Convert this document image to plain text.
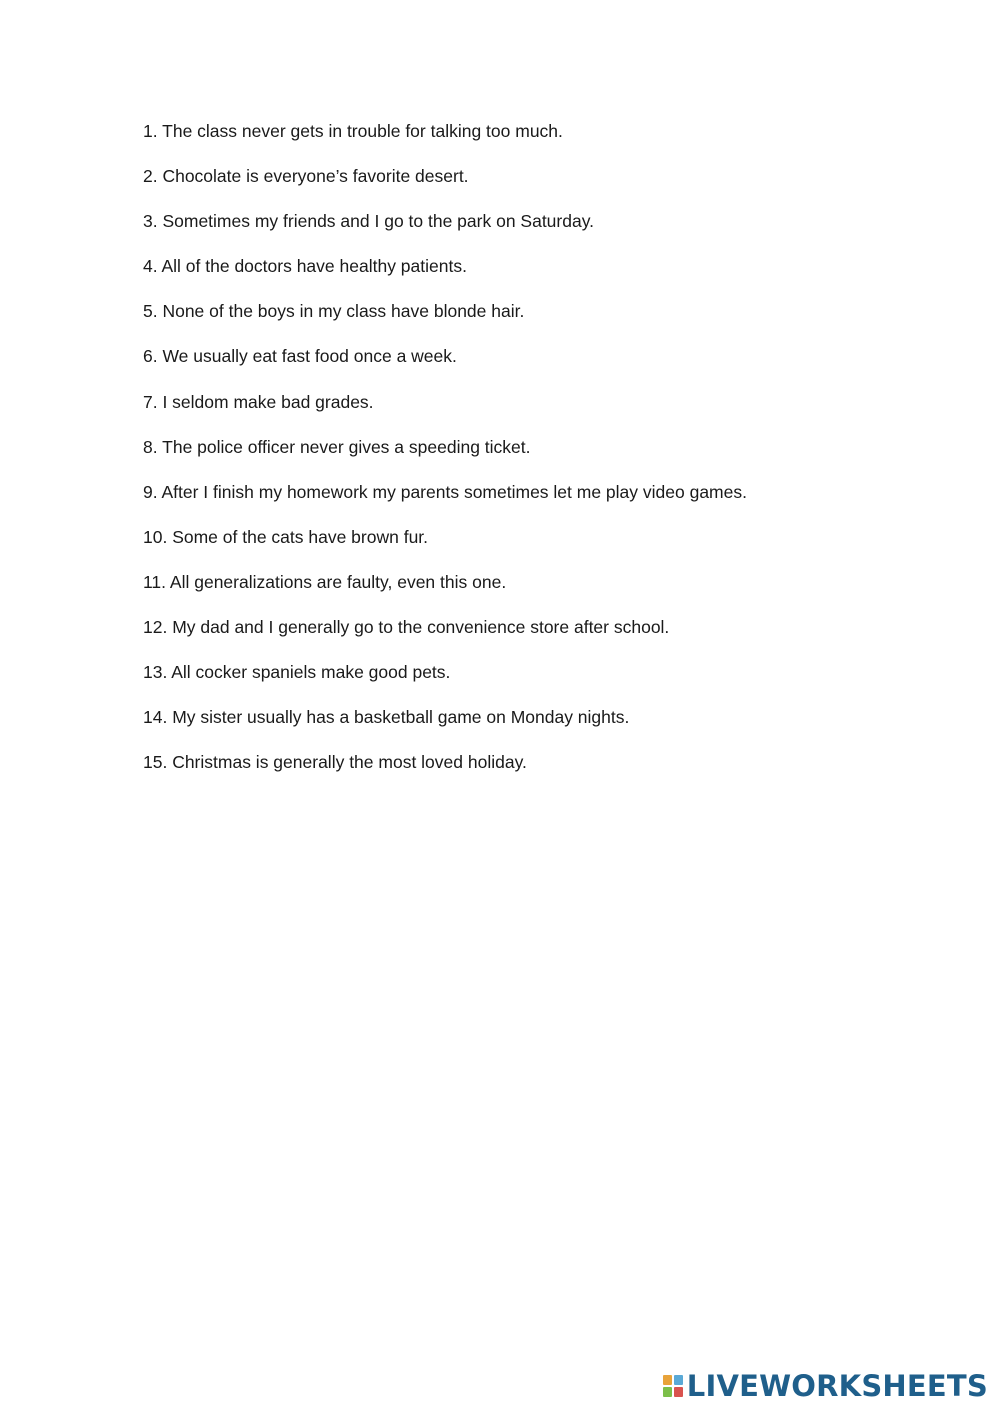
1. The class never gets in trouble for talking too much.
2. Chocolate is everyone’s favorite desert.
3. Sometimes my friends and I go to the park on Saturday.
4. All of the doctors have healthy patients.
5. None of the boys in my class have blonde hair.
6. We usually eat fast food once a week.
7. I seldom make bad grades.
8. The police officer never gives a speeding ticket.
9. After I finish my homework my parents sometimes let me play video games.
10. Some of the cats have brown fur.
11. All generalizations are faulty, even this one.
12. My dad and I generally go to the convenience store after school.
13. All cocker spaniels make good pets.
14. My sister usually has a basketball game on Monday nights.
15. Christmas is generally the most loved holiday.
LIVEWORKSHEETS
